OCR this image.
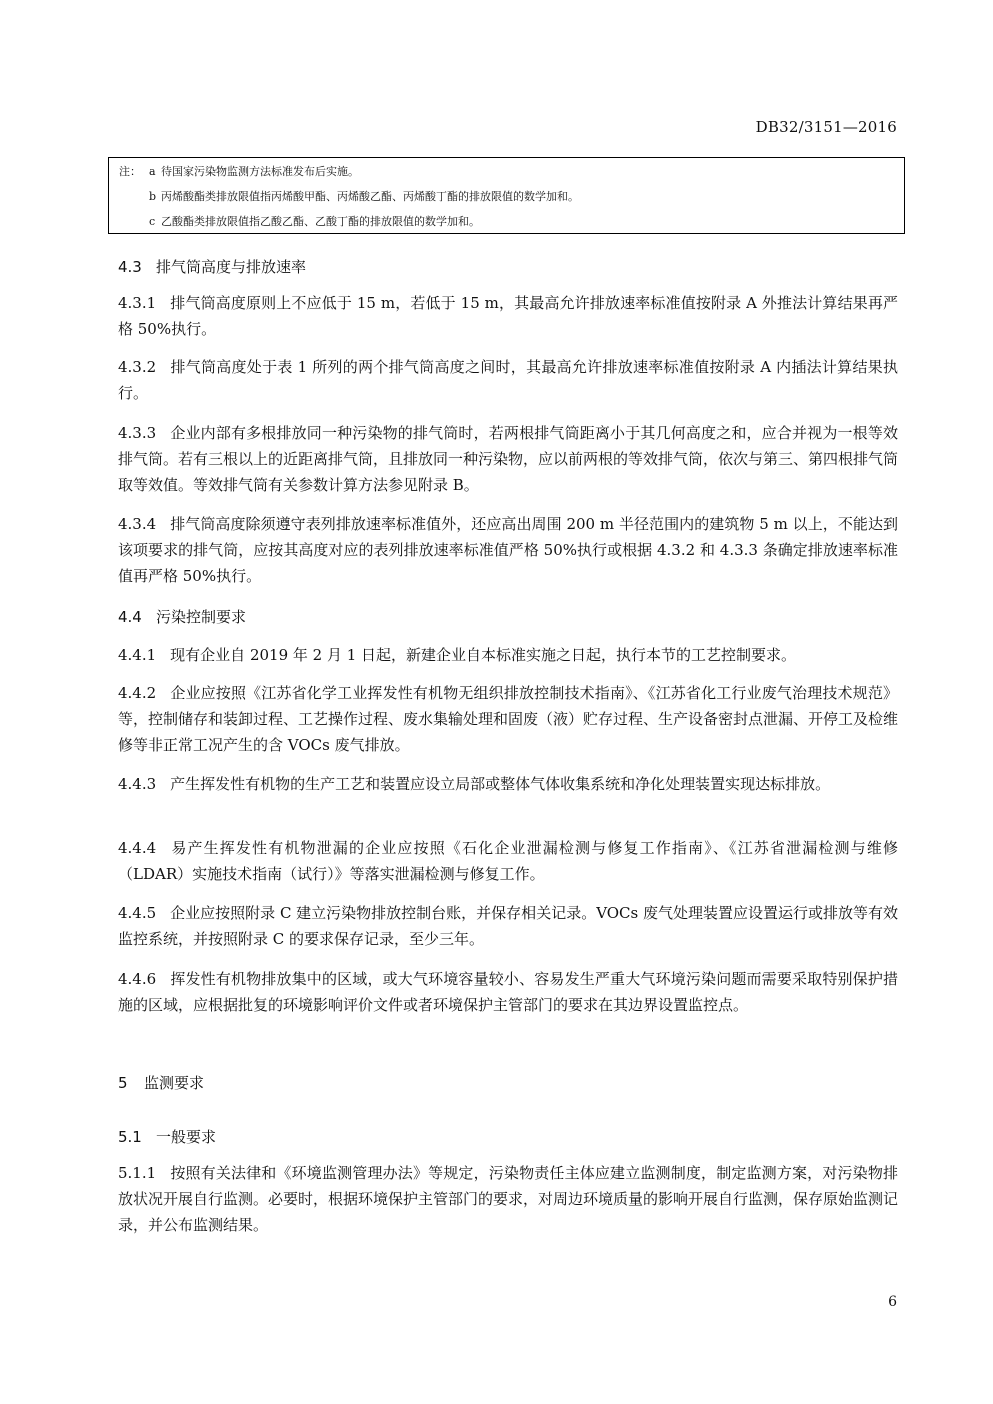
DB32/3151—2016
注： a 待国家污染物监测方法标准发布后实施。
b 丙烯酸酯类排放限值指丙烯酸甲酯、丙烯酸乙酯、丙烯酸丁酯的排放限值的数学加和。
c 乙酸酯类排放限值指乙酸乙酯、乙酸丁酯的排放限值的数学加和。
4.3 排气筒高度与排放速率
4.3.1 排气筒高度原则上不应低于 15 m，若低于 15 m，其最高允许排放速率标准值按附录 A 外推法计算结果再严格 50%执行。
4.3.2 排气筒高度处于表 1 所列的两个排气筒高度之间时，其最高允许排放速率标准值按附录 A 内插法计算结果执行。
4.3.3 企业内部有多根排放同一种污染物的排气筒时，若两根排气筒距离小于其几何高度之和，应合并视为一根等效排气筒。若有三根以上的近距离排气筒，且排放同一种污染物，应以前两根的等效排气筒，依次与第三、第四根排气筒取等效值。等效排气筒有关参数计算方法参见附录 B。
4.3.4 排气筒高度除须遵守表列排放速率标准值外，还应高出周围 200 m 半径范围内的建筑物 5 m 以上，不能达到该项要求的排气筒，应按其高度对应的表列排放速率标准值严格 50%执行或根据 4.3.2 和 4.3.3 条确定排放速率标准值再严格 50%执行。
4.4 污染控制要求
4.4.1 现有企业自 2019 年 2 月 1 日起，新建企业自本标准实施之日起，执行本节的工艺控制要求。
4.4.2 企业应按照《江苏省化学工业挥发性有机物无组织排放控制技术指南》、《江苏省化工行业废气治理技术规范》等，控制储存和装卸过程、工艺操作过程、废水集输处理和固废（液）贮存过程、生产设备密封点泄漏、开停工及检维修等非正常工况产生的含 VOCs 废气排放。
4.4.3 产生挥发性有机物的生产工艺和装置应设立局部或整体气体收集系统和净化处理装置实现达标排放。
4.4.4 易产生挥发性有机物泄漏的企业应按照《石化企业泄漏检测与修复工作指南》、《江苏省泄漏检测与维修（LDAR）实施技术指南（试行）》等落实泄漏检测与修复工作。
4.4.5 企业应按照附录 C 建立污染物排放控制台账，并保存相关记录。VOCs 废气处理装置应设置运行或排放等有效监控系统，并按照附录 C 的要求保存记录，至少三年。
4.4.6 挥发性有机物排放集中的区域，或大气环境容量较小、容易发生严重大气环境污染问题而需要采取特别保护措施的区域，应根据批复的环境影响评价文件或者环境保护主管部门的要求在其边界设置监控点。
5 监测要求
5.1 一般要求
5.1.1 按照有关法律和《环境监测管理办法》等规定，污染物责任主体应建立监测制度，制定监测方案，对污染物排放状况开展自行监测。必要时，根据环境保护主管部门的要求，对周边环境质量的影响开展自行监测，保存原始监测记录，并公布监测结果。
6
